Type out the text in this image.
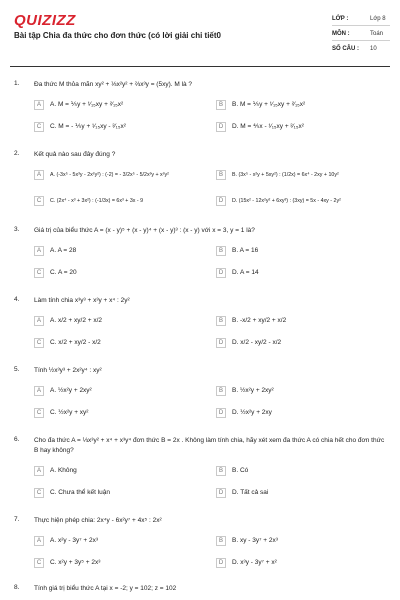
QUIZIZZ
Bài tập Chia đa thức cho đơn thức (có lời giải chi tiết0
LỚP :	Lớp 8
MÔN :	Toán
SỐ CÂU : 10
1. Đa thức M thỏa mãn xy² + ⅓x²y² + ⅔x³y = (5xy). M là ?
A	A. M = ⅕y + ¹⁄₁₅xy + ²⁄₁₅x²	B	B. M = ⅕y + ¹⁄₁₅xy + ²⁄₁₅x²
C	C. M = - ⅕y + ¹⁄₁₅xy - ²⁄₁₅x²	D	D. M = ⅘x - ¹⁄₁₅xy + ²⁄₁₅x²
2. Kết quả nào sau đây đúng ?
A	A. (-3x⁵ - 5x³y - 2x²y²) : (-2) = - 3/2x⁵ - 5/2x³y + x²y²	B	B. (3x⁵ - x²y + 5xy²) : (1/2x) = 6x⁴ - 2xy + 10y²
C	C. (2x⁴ - x³ + 3x²) : (-1/3x) = 6x³ + 3x - 9	D	D. (15x² - 12x²y² + 6xy³) : (3xy) = 5x - 4xy - 2y²
3. Giá trị của biểu thức A = (x - y)⁵ + (x - y)⁴ + (x - y)³ : (x - y) với x = 3, y = 1 là?
A	A. A = 28	B	B. A = 16
C	C. A = 20	D	D. A = 14
4. Làm tính chia x³y³ + x³y + x⁴ : 2y²
A	A. x/2 + xy/2 + x/2	B	B. -x/2 + xy/2 + x/2
C	C. x/2 + xy/2 - x/2	D	D. x/2 - xy/2 - x/2
5. Tính ½x³y³ + 2x²y⁴ : xy²
A	A. ½x²y + 2xy²	B	B. ½x²y + 2xy²
C	C. ½x²y + xy²	D	D. ½x²y + 2xy
6. Cho đa thức A = ⅓x³y² + x⁴ + x³y⁴ đơn thức B = 2x . Không làm tính chia, hãy xét xem đa thức A có chia hết cho đơn thức B hay không?
A	A. Không	B	B. Có
C	C. Chưa thể kết luận	D	D. Tất cả sai
7. Thực hiện phép chia: 2x⁴y - 6x²y⁷ + 4x⁵ : 2x²
A	A. x²y - 3y⁷ + 2x³	B	B. xy - 3y⁷ + 2x³
C	C. x²y + 3y⁵ + 2x³	D	D. x³y - 3y⁷ + x²
8. Tính giá trị biểu thức A tại x = -2; y = 102; z = 102
